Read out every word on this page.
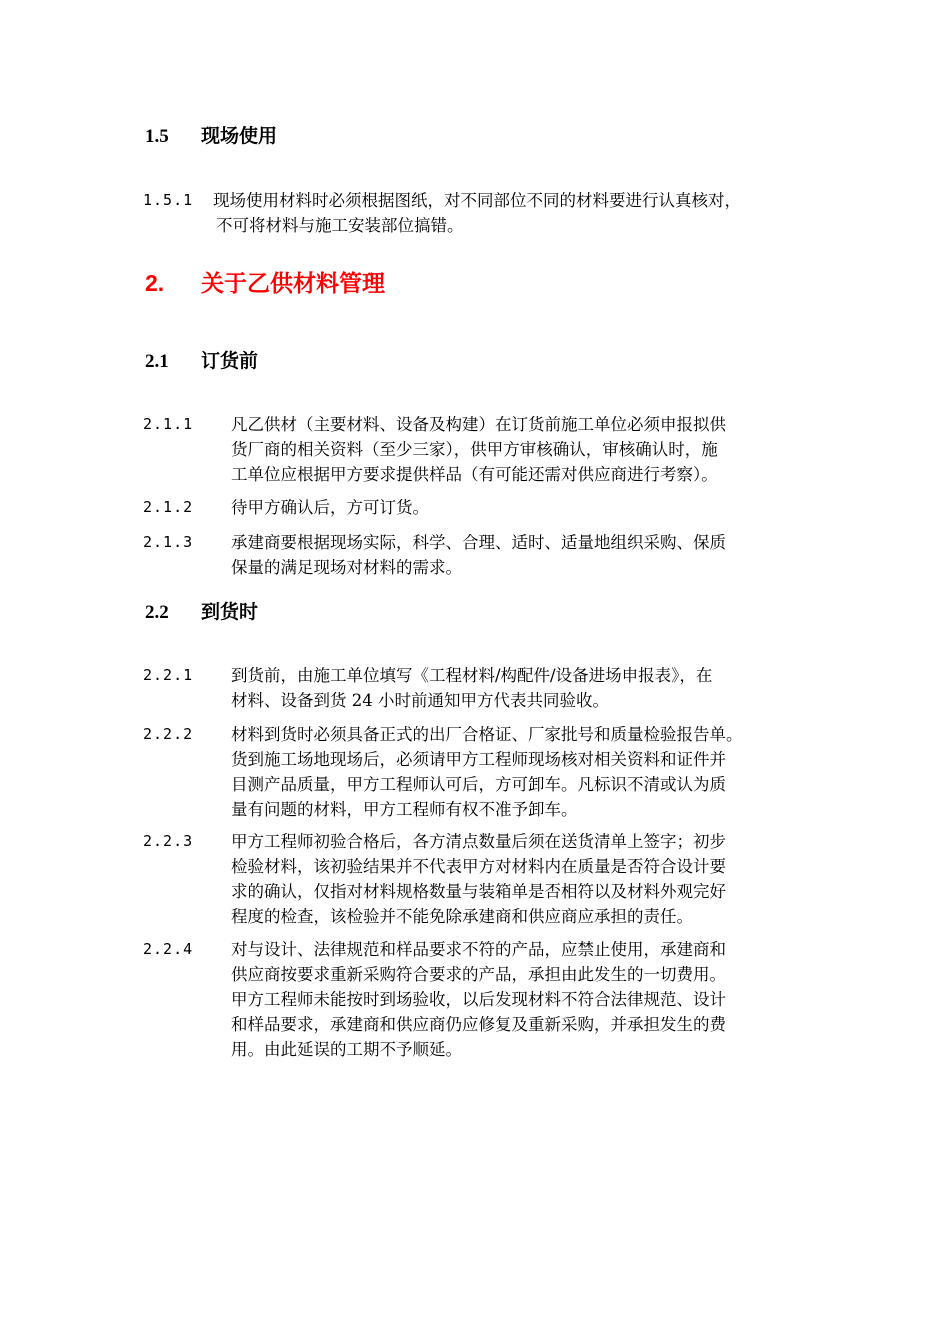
1.5 现场使用
1.5.1 现场使用材料时必须根据图纸，对不同部位不同的材料要进行认真核对，
不可将材料与施工安装部位搞错。
2. 关于乙供材料管理
2.1 订货前
2.1.1 凡乙供材（主要材料、设备及构建）在订货前施工单位必须申报拟供
货厂商的相关资料（至少三家），供甲方审核确认，审核确认时，施
工单位应根据甲方要求提供样品（有可能还需对供应商进行考察）。
2.1.2 待甲方确认后，方可订货。
2.1.3 承建商要根据现场实际，科学、合理、适时、适量地组织采购、保质
保量的满足现场对材料的需求。
2.2 到货时
2.2.1 到货前，由施工单位填写《工程材料/构配件/设备进场申报表》，在
材料、设备到货 24 小时前通知甲方代表共同验收。
2.2.2 材料到货时必须具备正式的出厂合格证、厂家批号和质量检验报告单。
货到施工场地现场后，必须请甲方工程师现场核对相关资料和证件并
目测产品质量，甲方工程师认可后，方可卸车。凡标识不清或认为质
量有问题的材料，甲方工程师有权不准予卸车。
2.2.3 甲方工程师初验合格后，各方清点数量后须在送货清单上签字；初步
检验材料，该初验结果并不代表甲方对材料内在质量是否符合设计要
求的确认，仅指对材料规格数量与装箱单是否相符以及材料外观完好
程度的检查，该检验并不能免除承建商和供应商应承担的责任。
2.2.4 对与设计、法律规范和样品要求不符的产品，应禁止使用，承建商和
供应商按要求重新采购符合要求的产品，承担由此发生的一切费用。
甲方工程师未能按时到场验收，以后发现材料不符合法律规范、设计
和样品要求，承建商和供应商仍应修复及重新采购，并承担发生的费
用。由此延误的工期不予顺延。
